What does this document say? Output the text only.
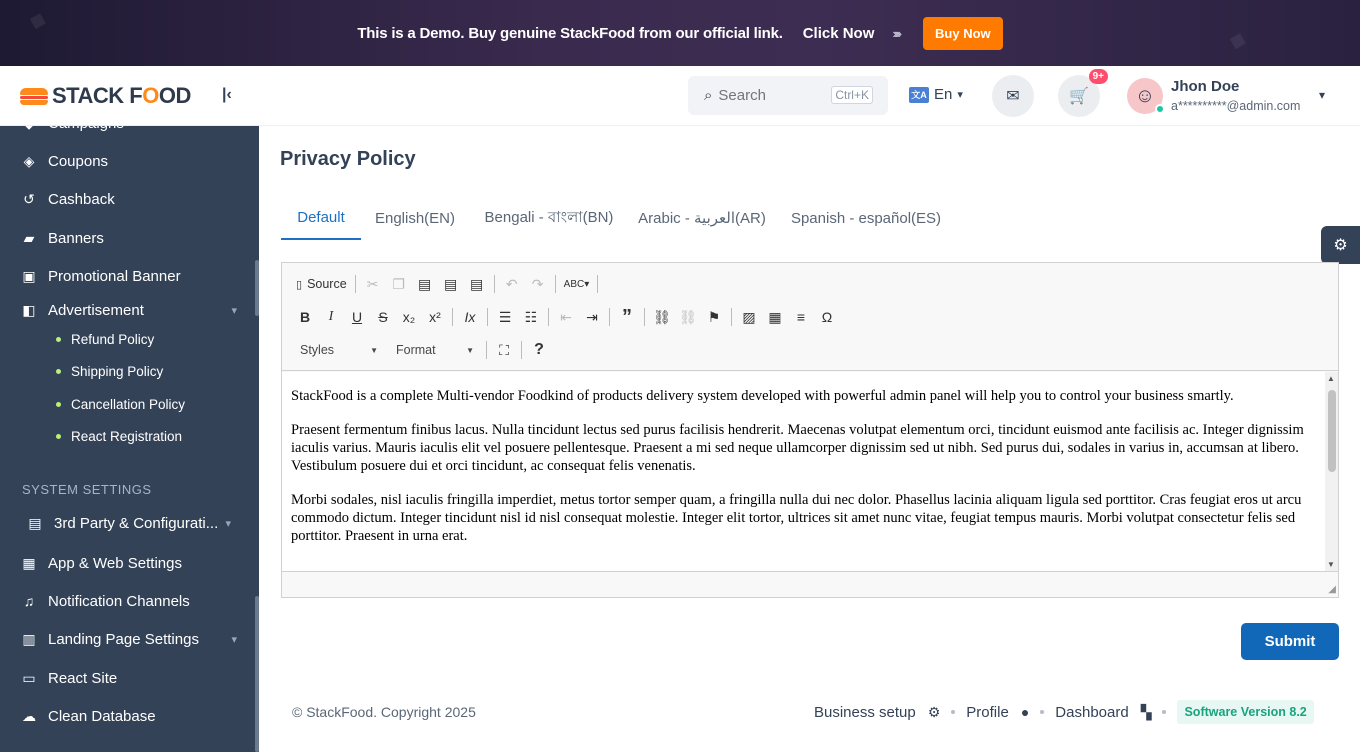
◼
◼
This is a Demo. Buy genuine StackFood from our official link. Click Now ›››››	Buy Now
STACK FOOD |‹
◈ Coupons
↺ Cashback
▰ Banners
▣ Promotional Banner
◧ Advertisement	▾
Refund Policy
Shipping Policy
Cancellation Policy
React Registration
SYSTEM SETTINGS
▤ 3rd Party & Configurati... ▾
▦ App & Web Settings
♫ Notification Channels
▥ Landing Page Settings	▾
▭ React Site
☁ Clean Database
⌕
Search	Ctrl+K	文A En ▾	✉	🛒
9+
☺	Jhon Doe
a**********@admin.com
▾
Privacy Policy
Default	English(EN)	Bengali - বাংলা(BN)	Arabic - العربية(AR)	Spanish - español(ES)
⚙
▯ Source	✂ ❐ ▤ ▤ ▤	↶	↷	ABC▾
B	I	U	S	x₂ x²	Ix	☰ ☷	⇤	⇥	”	⛓ ⛓ ⚑	▨ ▦	≡	Ω
Styles	▼ Format	▼	⛶	?

StackFood is a complete Multi-vendor Foodkind of products delivery system developed with powerful admin panel will help you to control your business smartly.

Praesent fermentum finibus lacus. Nulla tincidunt lectus sed purus facilisis hendrerit. Maecenas volutpat elementum orci, tincidunt euismod ante facilisis ac. Integer dignissim iaculis varius. Mauris iaculis elit vel posuere pellentesque. Praesent a mi sed neque ullamcorper dignissim sed ut nibh. Sed purus dui, sodales in varius in, accumsan at libero. Vestibulum posuere dui et orci tincidunt, ac consequat felis venenatis.

Morbi sodales, nisl iaculis fringilla imperdiet, metus tortor semper quam, a fringilla nulla dui nec dolor. Phasellus lacinia aliquam ligula sed porttitor. Cras feugiat eros ut arcu commodo dictum. Integer tincidunt nisl id nisl consequat molestie. Integer elit tortor, ultrices sit amet nunc vitae, feugiat tempus mauris. Morbi volutpat consectetur felis sed porttitor. Praesent in urna erat.

▲
▼
◢
Submit
© StackFood. Copyright 2025	Business setup ⚙ Profile ● Dashboard ▚	Software Version 8.2
